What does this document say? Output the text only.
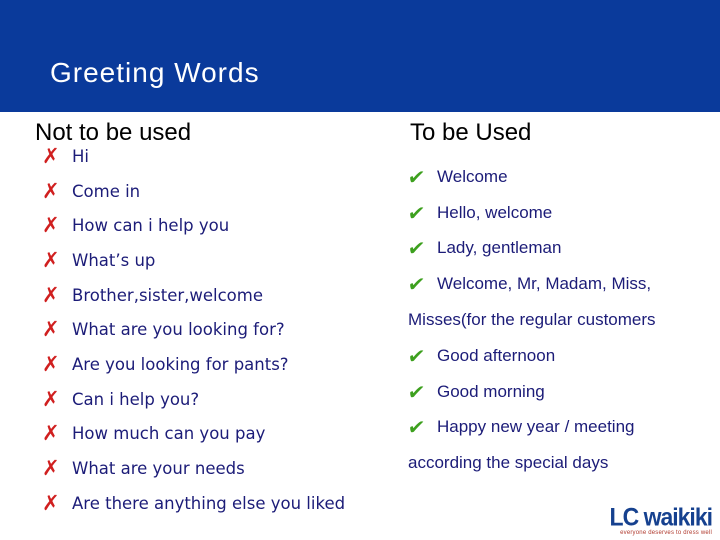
Greeting Words
Not to be used	To be Used
✗ Hi
✗ Come in
✗ How can i help you
✗ What’s up
✗ Brother,sister,welcome
✗ What are you looking for?
✗ Are you looking for pants?
✗ Can i help you?
✗ How much can you pay
✗ What are your needs
✗ Are there anything else you liked
✔ Welcome
✔ Hello, welcome
✔ Lady, gentleman
✔ Welcome, Mr, Madam, Miss,
Misses(for the regular customers
✔ Good afternoon
✔ Good morning
✔ Happy new year / meeting
according the special days
LC waikiki
everyone deserves to dress well
